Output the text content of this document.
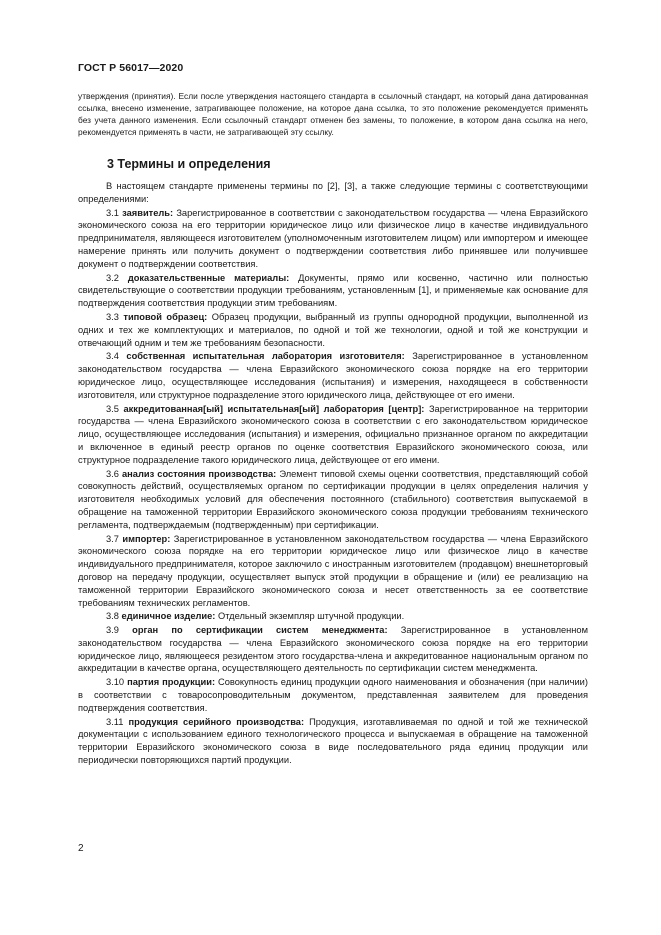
ГОСТ Р 56017—2020
утверждения (принятия). Если после утверждения настоящего стандарта в ссылочный стандарт, на который дана датированная ссылка, внесено изменение, затрагивающее положение, на которое дана ссылка, то это положение рекомендуется применять без учета данного изменения. Если ссылочный стандарт отменен без замены, то положение, в котором дана ссылка на него, рекомендуется применять в части, не затрагивающей эту ссылку.
3 Термины и определения

В настоящем стандарте применены термины по [2], [3], а также следующие термины с соответствующими определениями:

3.1 заявитель: Зарегистрированное в соответствии с законодательством государства — члена Евразийского экономического союза на его территории юридическое лицо или физическое лицо в качестве индивидуального предпринимателя, являющееся изготовителем (уполномоченным изготовителем лицом) или импортером и имеющее намерение принять или получить документ о подтверждении соответствия либо принявшее или получившее документ о подтверждении соответствия.

3.2 доказательственные материалы: Документы, прямо или косвенно, частично или полностью свидетельствующие о соответствии продукции требованиям, установленным [1], и применяемые как основание для подтверждения соответствия продукции этим требованиям.

3.3 типовой образец: Образец продукции, выбранный из группы однородной продукции, выполненной из одних и тех же комплектующих и материалов, по одной и той же технологии, одной и той же конструкции и отвечающий одним и тем же требованиям безопасности.

3.4 собственная испытательная лаборатория изготовителя: Зарегистрированное в установленном законодательством государства — члена Евразийского экономического союза порядке на его территории юридическое лицо, осуществляющее исследования (испытания) и измерения, находящееся в собственности изготовителя, или структурное подразделение этого юридического лица, действующее от его имени.

3.5 аккредитованная[ый] испытательная[ый] лаборатория [центр]: Зарегистрированное на территории государства — члена Евразийского экономического союза в соответствии с его законодательством юридическое лицо, осуществляющее исследования (испытания) и измерения, официально признанное органом по аккредитации и включенное в единый реестр органов по оценке соответствия Евразийского экономического союза, или структурное подразделение такого юридического лица, действующее от его имени.

3.6 анализ состояния производства: Элемент типовой схемы оценки соответствия, представляющий собой совокупность действий, осуществляемых органом по сертификации продукции в целях определения наличия у изготовителя необходимых условий для обеспечения постоянного (стабильного) соответствия выпускаемой в обращение на таможенной территории Евразийского экономического союза продукции требованиям технического регламента, подтверждаемым (подтвержденным) при сертификации.

3.7 импортер: Зарегистрированное в установленном законодательством государства — члена Евразийского экономического союза порядке на его территории юридическое лицо или физическое лицо в качестве индивидуального предпринимателя, которое заключило с иностранным изготовителем (продавцом) внешнеторговый договор на передачу продукции, осуществляет выпуск этой продукции в обращение и (или) ее реализацию на таможенной территории Евразийского экономического союза и несет ответственность за ее соответствие требованиям технических регламентов.

3.8 единичное изделие: Отдельный экземпляр штучной продукции.

3.9 орган по сертификации систем менеджмента: Зарегистрированное в установленном законодательством государства — члена Евразийского экономического союза порядке на его территории юридическое лицо, являющееся резидентом этого государства-члена и аккредитованное национальным органом по аккредитации в качестве органа, осуществляющего деятельность по сертификации систем менеджмента.

3.10 партия продукции: Совокупность единиц продукции одного наименования и обозначения (при наличии) в соответствии с товаросопроводительным документом, представленная заявителем для проведения подтверждения соответствия.

3.11 продукция серийного производства: Продукция, изготавливаемая по одной и той же технической документации с использованием единого технологического процесса и выпускаемая в обращение на таможенной территории Евразийского экономического союза в виде последовательного ряда единиц продукции или периодически повторяющихся партий продукции.

2
